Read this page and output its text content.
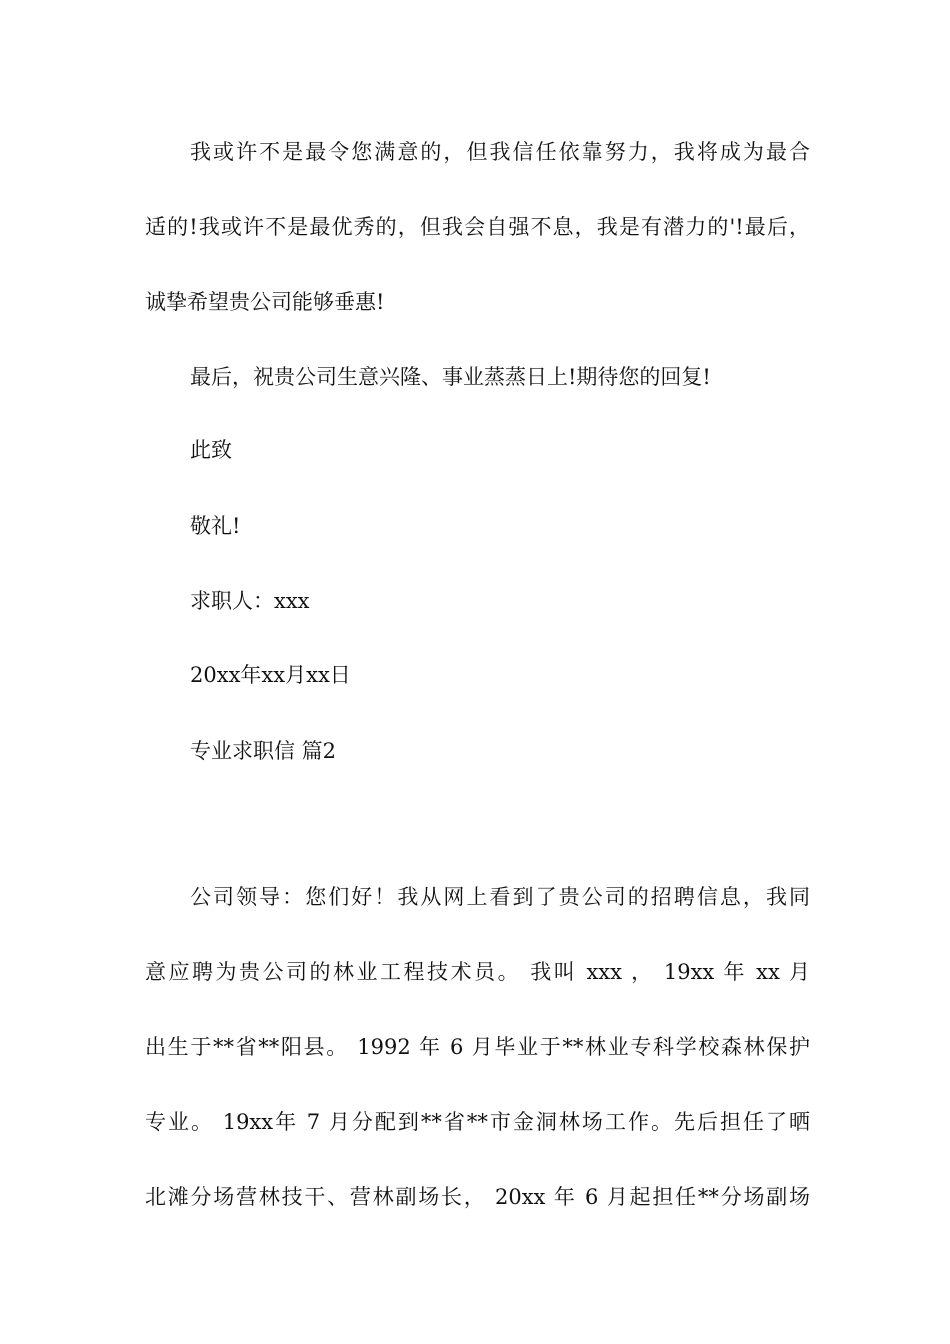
我或许不是最令您满意的，但我信任依靠努力，我将成为最合

适的!我或许不是最优秀的，但我会自强不息，我是有潜力的'!最后，

诚挚希望贵公司能够垂惠!

最后，祝贵公司生意兴隆、事业蒸蒸日上!期待您的回复!

此致

敬礼!

求职人：xxx

20xx年xx月xx日

专业求职信 篇2

公司领导：您们好！我从网上看到了贵公司的招聘信息，我同

意应聘为贵公司的林业工程技术员。 我叫 xxx ， 19xx 年 xx 月

出生于**省**阳县。 1992 年 6 月毕业于**林业专科学校森林保护

专业。 19xx年 7 月分配到**省**市金洞林场工作。先后担任了晒

北滩分场营林技干、营林副场长， 20xx 年 6 月起担任**分场副场
